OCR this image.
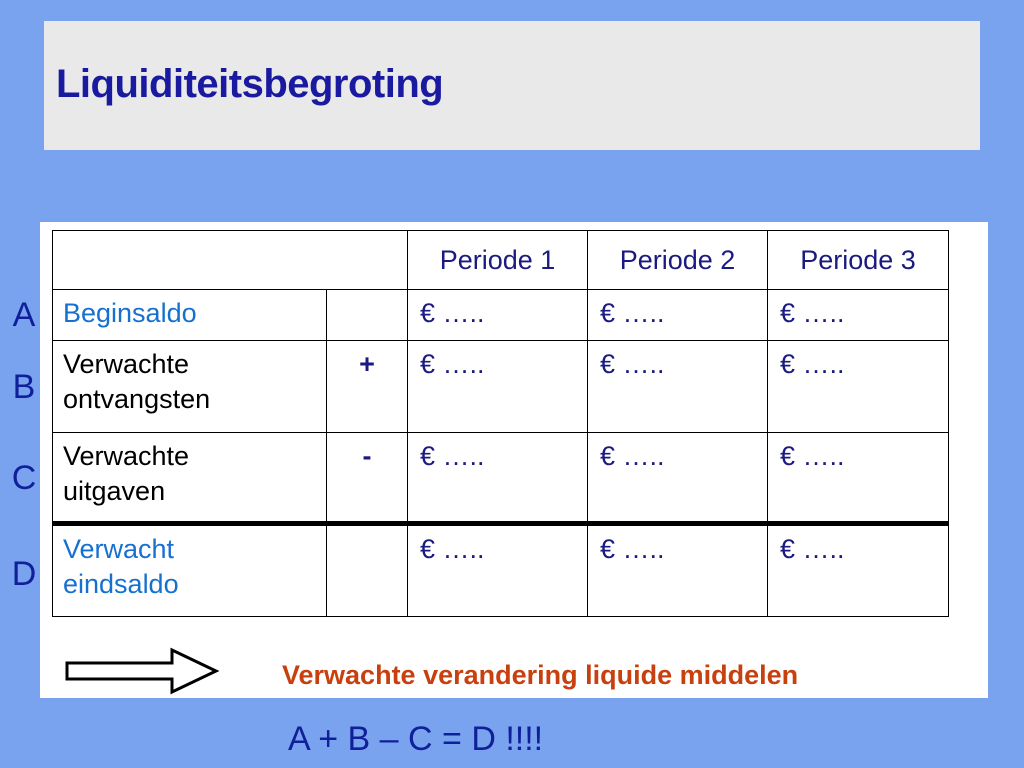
Liquiditeitsbegroting
A
B
C
D
		Periode 1	Periode 2	Periode 3
Beginsaldo		€ …..	€ …..	€ …..
Verwachte
ontvangsten	+	€ …..	€ …..	€ …..
Verwachte
uitgaven	-	€ …..	€ …..	€ …..
Verwacht
eindsaldo		€ …..	€ …..	€ …..
Verwachte verandering liquide middelen
A + B – C = D !!!!
